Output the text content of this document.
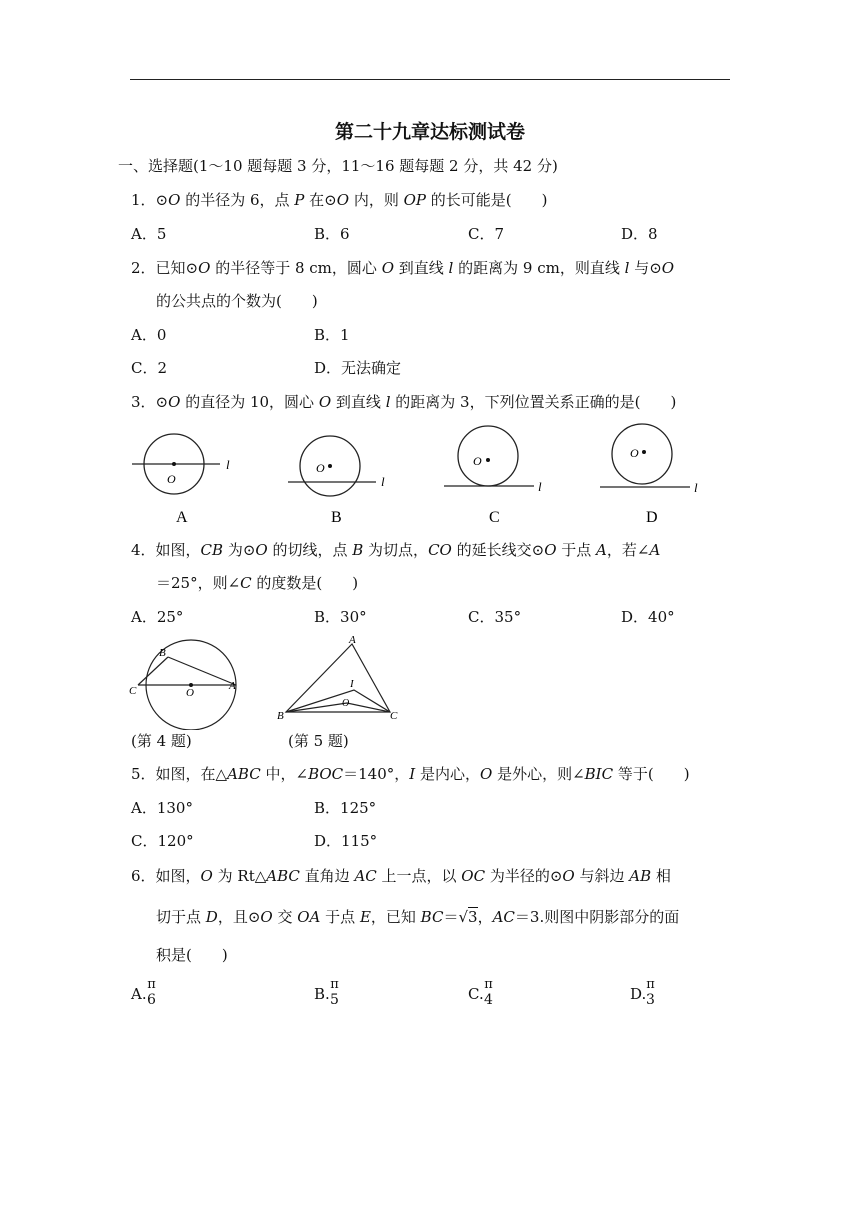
第二十九章达标测试卷
一、选择题(1～10 题每题 3 分，11～16 题每题 2 分，共 42 分)
1．⊙O 的半径为 6，点 P 在⊙O 内，则 OP 的长可能是(　　)
A．5	B．6	C．7	D．8
2．已知⊙O 的半径等于 8 cm，圆心 O 到直线 l 的距离为 9 cm，则直线 l 与⊙O
的公共点的个数为(　　)
A．0	B．1
C．2	D．无法确定
3．⊙O 的直径为 10，圆心 O 到直线 l 的距离为 3，下列位置关系正确的是(　　)
O
l
A
O
l
B
O
l
C
O
l
D
4．如图，CB 为⊙O 的切线，点 B 为切点，CO 的延长线交⊙O 于点 A，若∠A
＝25°，则∠C 的度数是(　　)
A．25°	B．30°	C．35°	D．40°
B
C	O
A
A
I
O
B	C
(第 4 题)	(第 5 题)
5．如图，在△ABC 中，∠BOC＝140°，I 是内心，O 是外心，则∠BIC 等于(　　)
A．130°	B．125°
C．120°	D．115°
6．如图，O 为 Rt△ABC 直角边 AC 上一点，以 OC 为半径的⊙O 与斜边 AB 相
切于点 D，且⊙O 交 OA 于点 E，已知 BC＝√3，AC＝3.则图中阴影部分的面
积是(　　)
A.
π
6	B.
π
5	C.
π
4	D.
π
3
